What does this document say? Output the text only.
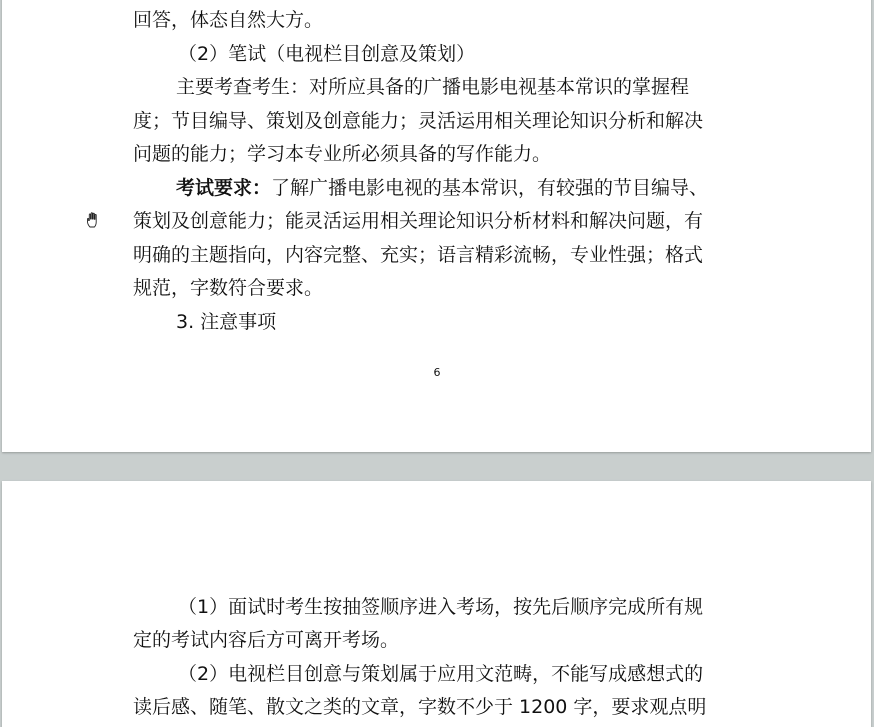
回答，体态自然大方。
（2）笔试（电视栏目创意及策划）
主要考查考生：对所应具备的广播电影电视基本常识的掌握程
度；节目编导、策划及创意能力；灵活运用相关理论知识分析和解决
问题的能力；学习本专业所必须具备的写作能力。
考试要求：了解广播电影电视的基本常识，有较强的节目编导、
策划及创意能力；能灵活运用相关理论知识分析材料和解决问题，有
明确的主题指向，内容完整、充实；语言精彩流畅，专业性强；格式
规范，字数符合要求。
3. 注意事项
6
（1）面试时考生按抽签顺序进入考场，按先后顺序完成所有规
定的考试内容后方可离开考场。
（2）电视栏目创意与策划属于应用文范畴，不能写成感想式的
读后感、随笔、散文之类的文章，字数不少于 1200 字，要求观点明
